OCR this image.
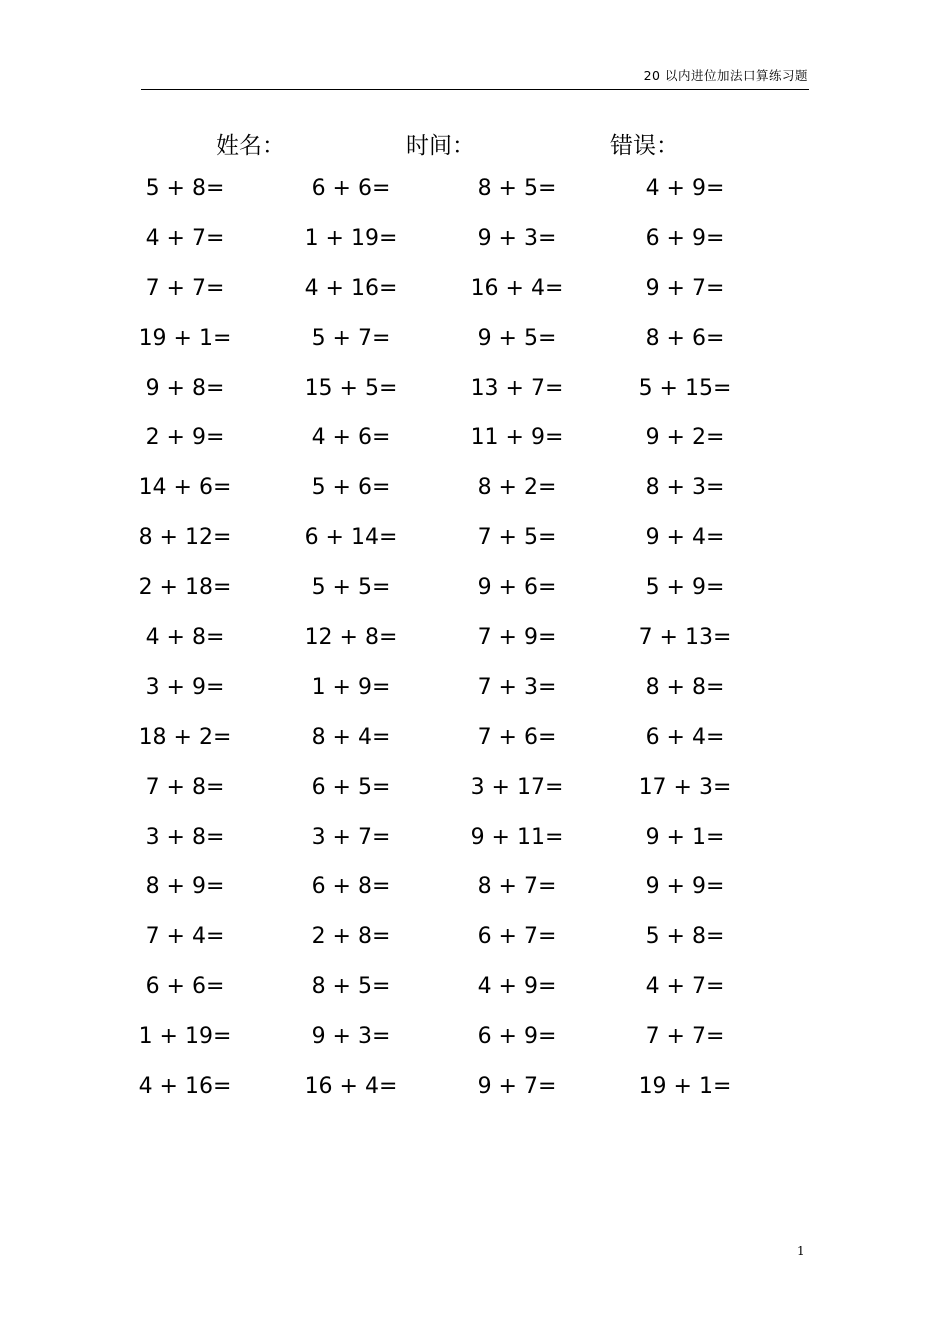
20 以内进位加法口算练习题
姓名：	时间：	错误：
5 + 8=	6 + 6=	8 + 5=	4 + 9=
4 + 7=	1 + 19=	9 + 3=	6 + 9=
7 + 7=	4 + 16=	16 + 4=	9 + 7=
19 + 1=	5 + 7=	9 + 5=	8 + 6=
9 + 8=	15 + 5=	13 + 7=	5 + 15=
2 + 9=	4 + 6=	11 + 9=	9 + 2=
14 + 6=	5 + 6=	8 + 2=	8 + 3=
8 + 12=	6 + 14=	7 + 5=	9 + 4=
2 + 18=	5 + 5=	9 + 6=	5 + 9=
4 + 8=	12 + 8=	7 + 9=	7 + 13=
3 + 9=	1 + 9=	7 + 3=	8 + 8=
18 + 2=	8 + 4=	7 + 6=	6 + 4=
7 + 8=	6 + 5=	3 + 17=	17 + 3=
3 + 8=	3 + 7=	9 + 11=	9 + 1=
8 + 9=	6 + 8=	8 + 7=	9 + 9=
7 + 4=	2 + 8=	6 + 7=	5 + 8=
6 + 6=	8 + 5=	4 + 9=	4 + 7=
1 + 19=	9 + 3=	6 + 9=	7 + 7=
4 + 16=	16 + 4=	9 + 7=	19 + 1=
1
